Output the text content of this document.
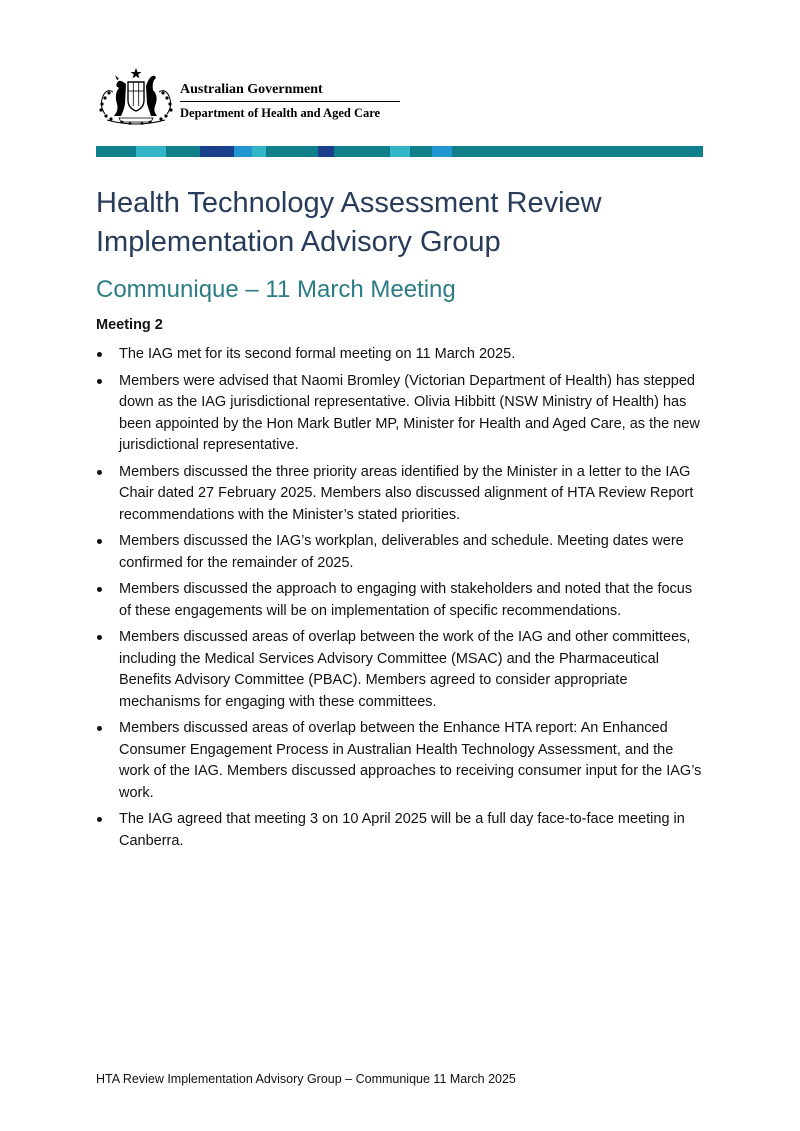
Australian Government
Department of Health and Aged Care
Health Technology Assessment Review
Implementation Advisory Group
Communique – 11 March Meeting
Meeting 2
The IAG met for its second formal meeting on 11 March 2025.
Members were advised that Naomi Bromley (Victorian Department of Health) has stepped down as the IAG jurisdictional representative. Olivia Hibbitt (NSW Ministry of Health) has been appointed by the Hon Mark Butler MP, Minister for Health and Aged Care, as the new jurisdictional representative.
Members discussed the three priority areas identified by the Minister in a letter to the IAG Chair dated 27 February 2025. Members also discussed alignment of HTA Review Report recommendations with the Minister’s stated priorities.
Members discussed the IAG’s workplan, deliverables and schedule. Meeting dates were confirmed for the remainder of 2025.
Members discussed the approach to engaging with stakeholders and noted that the focus of these engagements will be on implementation of specific recommendations.
Members discussed areas of overlap between the work of the IAG and other committees, including the Medical Services Advisory Committee (MSAC) and the Pharmaceutical Benefits Advisory Committee (PBAC). Members agreed to consider appropriate mechanisms for engaging with these committees.
Members discussed areas of overlap between the Enhance HTA report: An Enhanced Consumer Engagement Process in Australian Health Technology Assessment, and the work of the IAG. Members discussed approaches to receiving consumer input for the IAG’s work.
The IAG agreed that meeting 3 on 10 April 2025 will be a full day face-to-face meeting in Canberra.
HTA Review Implementation Advisory Group – Communique 11 March 2025
